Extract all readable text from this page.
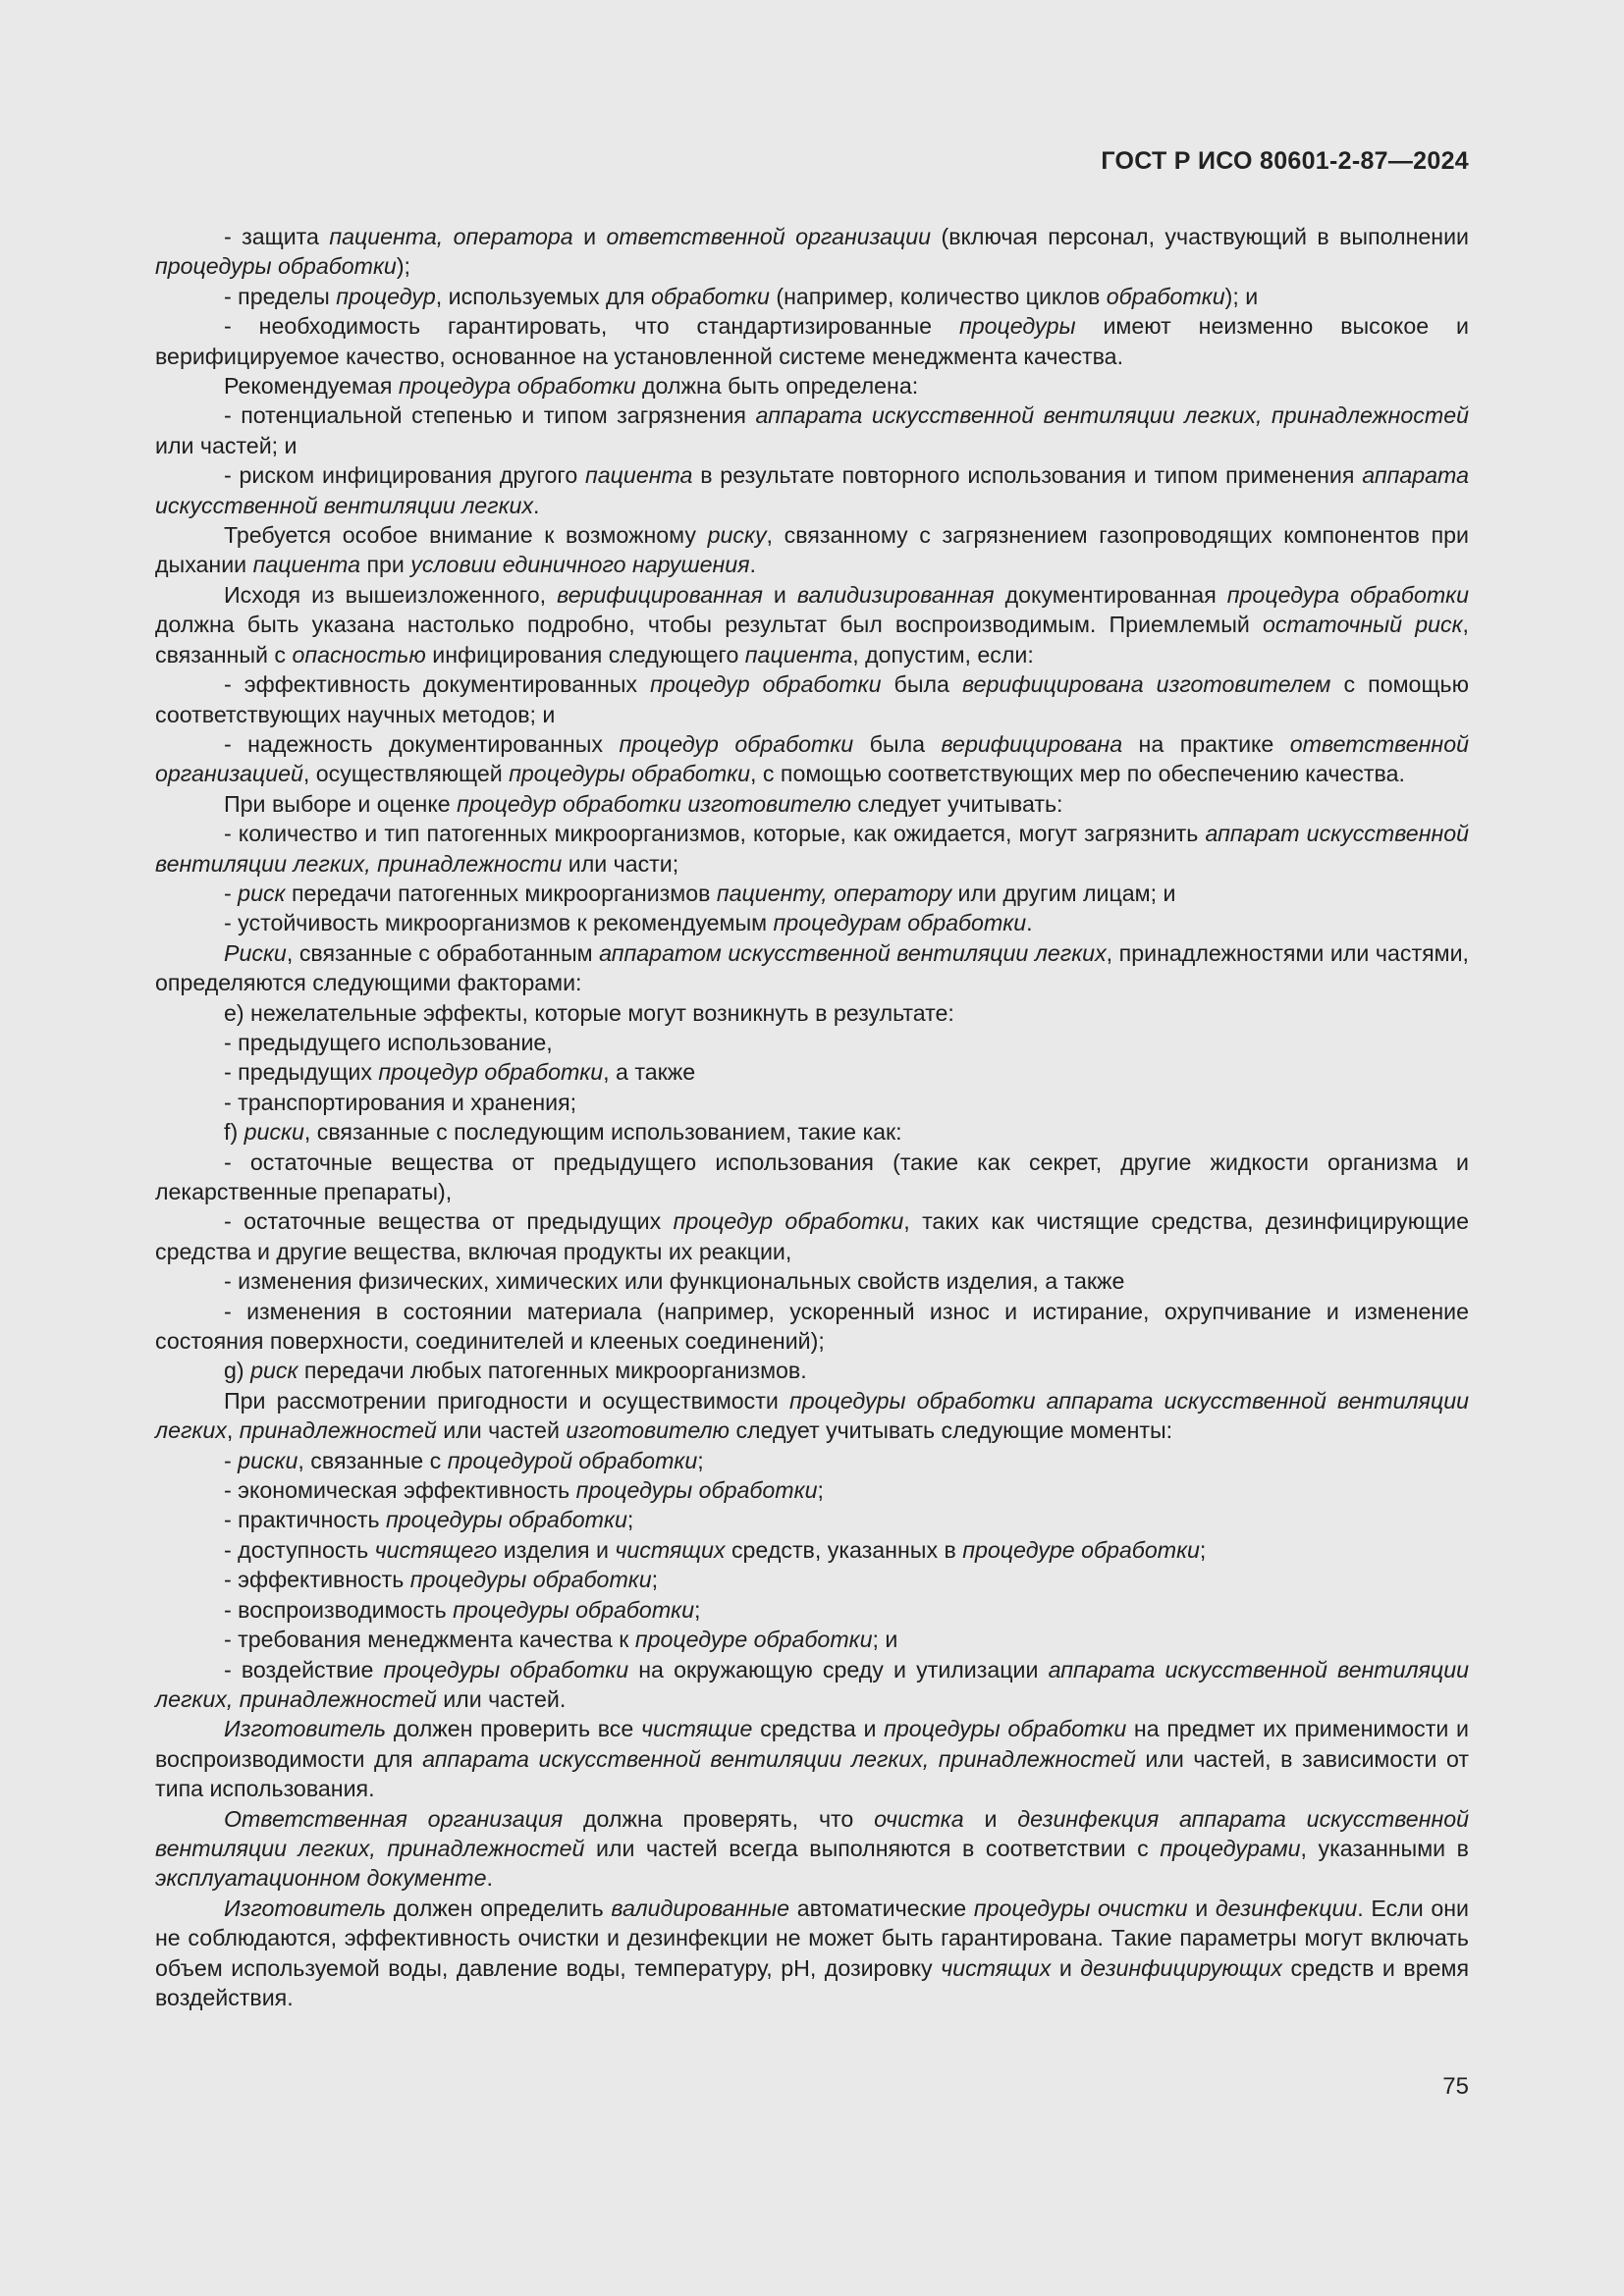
ГОСТ Р ИСО 80601-2-87—2024

- защита пациента, оператора и ответственной организации (включая персонал, участвующий в выполнении процедуры обработки);

- пределы процедур, используемых для обработки (например, количество циклов обработки); и

- необходимость гарантировать, что стандартизированные процедуры имеют неизменно высокое и верифицируемое качество, основанное на установленной системе менеджмента качества.

Рекомендуемая процедура обработки должна быть определена:

- потенциальной степенью и типом загрязнения аппарата искусственной вентиляции легких, принадлежностей или частей; и

- риском инфицирования другого пациента в результате повторного использования и типом применения аппарата искусственной вентиляции легких.

Требуется особое внимание к возможному риску, связанному с загрязнением газопроводящих компонентов при дыхании пациента при условии единичного нарушения.

Исходя из вышеизложенного, верифицированная и валидизированная документированная процедура обработки должна быть указана настолько подробно, чтобы результат был воспроизводимым. Приемлемый остаточный риск, связанный с опасностью инфицирования следующего пациента, допустим, если:

- эффективность документированных процедур обработки была верифицирована изготовителем с помощью соответствующих научных методов; и

- надежность документированных процедур обработки была верифицирована на практике ответственной организацией, осуществляющей процедуры обработки, с помощью соответствующих мер по обеспечению качества.

При выборе и оценке процедур обработки изготовителю следует учитывать:

- количество и тип патогенных микроорганизмов, которые, как ожидается, могут загрязнить аппарат искусственной вентиляции легких, принадлежности или части;

- риск передачи патогенных микроорганизмов пациенту, оператору или другим лицам; и

- устойчивость микроорганизмов к рекомендуемым процедурам обработки.

Риски, связанные с обработанным аппаратом искусственной вентиляции легких, принадлежностями или частями, определяются следующими факторами:

e) нежелательные эффекты, которые могут возникнуть в результате:

- предыдущего использование,

- предыдущих процедур обработки, а также

- транспортирования и хранения;

f) риски, связанные с последующим использованием, такие как:

- остаточные вещества от предыдущего использования (такие как секрет, другие жидкости организма и лекарственные препараты),

- остаточные вещества от предыдущих процедур обработки, таких как чистящие средства, дезинфицирующие средства и другие вещества, включая продукты их реакции,

- изменения физических, химических или функциональных свойств изделия, а также

- изменения в состоянии материала (например, ускоренный износ и истирание, охрупчивание и изменение состояния поверхности, соединителей и клееных соединений);

g) риск передачи любых патогенных микроорганизмов.

При рассмотрении пригодности и осуществимости процедуры обработки аппарата искусственной вентиляции легких, принадлежностей или частей изготовителю следует учитывать следующие моменты:

- риски, связанные с процедурой обработки;

- экономическая эффективность процедуры обработки;

- практичность процедуры обработки;

- доступность чистящего изделия и чистящих средств, указанных в процедуре обработки;

- эффективность процедуры обработки;

- воспроизводимость процедуры обработки;

- требования менеджмента качества к процедуре обработки; и

- воздействие процедуры обработки на окружающую среду и утилизации аппарата искусственной вентиляции легких, принадлежностей или частей.

Изготовитель должен проверить все чистящие средства и процедуры обработки на предмет их применимости и воспроизводимости для аппарата искусственной вентиляции легких, принадлежностей или частей, в зависимости от типа использования.

Ответственная организация должна проверять, что очистка и дезинфекция аппарата искусственной вентиляции легких, принадлежностей или частей всегда выполняются в соответствии с процедурами, указанными в эксплуатационном документе.

Изготовитель должен определить валидированные автоматические процедуры очистки и дезинфекции. Если они не соблюдаются, эффективность очистки и дезинфекции не может быть гарантирована. Такие параметры могут включать объем используемой воды, давление воды, температуру, pH, дозировку чистящих и дезинфицирующих средств и время воздействия.

75
